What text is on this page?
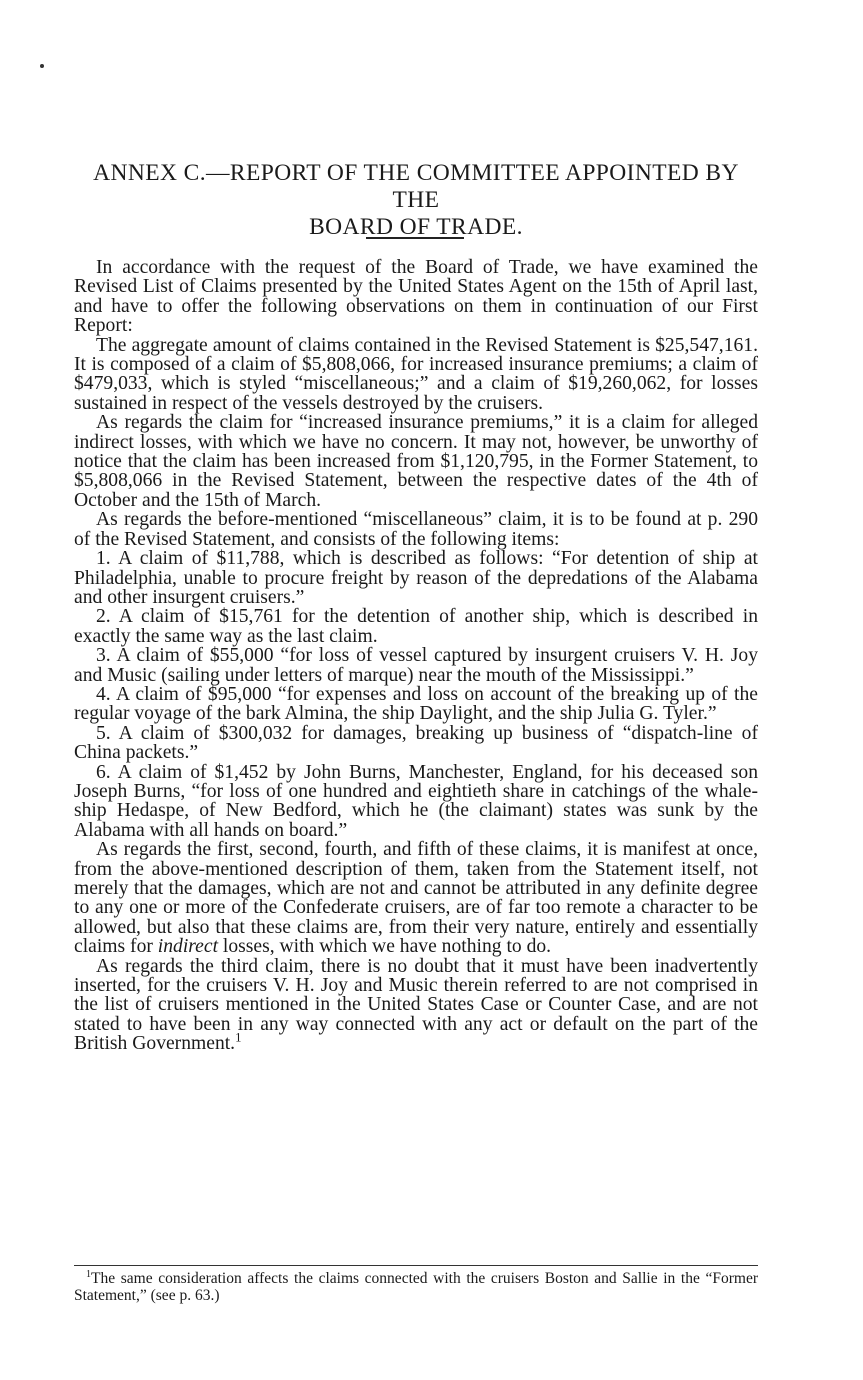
ANNEX C.—REPORT OF THE COMMITTEE APPOINTED BY THE
BOARD OF TRADE.

In accordance with the request of the Board of Trade, we have examined the Revised List of Claims presented by the United States Agent on the 15th of April last, and have to offer the following observations on them in continuation of our First Report:

The aggregate amount of claims contained in the Revised Statement is $25,547,161. It is composed of a claim of $5,808,066, for increased insurance premiums; a claim of $479,033, which is styled “miscellaneous;” and a claim of $19,260,062, for losses sustained in respect of the vessels destroyed by the cruisers.

As regards the claim for “increased insurance premiums,” it is a claim for alleged indirect losses, with which we have no concern. It may not, however, be unworthy of notice that the claim has been increased from $1,120,795, in the Former Statement, to $5,808,066 in the Revised Statement, between the respective dates of the 4th of October and the 15th of March.

As regards the before-mentioned “miscellaneous” claim, it is to be found at p. 290 of the Revised Statement, and consists of the following items:

1. A claim of $11,788, which is described as follows: “For detention of ship at Philadelphia, unable to procure freight by reason of the depredations of the Alabama and other insurgent cruisers.”

2. A claim of $15,761 for the detention of another ship, which is described in exactly the same way as the last claim.

3. A claim of $55,000 “for loss of vessel captured by insurgent cruisers V. H. Joy and Music (sailing under letters of marque) near the mouth of the Mississippi.”

4. A claim of $95,000 “for expenses and loss on account of the breaking up of the regular voyage of the bark Almina, the ship Daylight, and the ship Julia G. Tyler.”

5. A claim of $300,032 for damages, breaking up business of “dispatch-line of China packets.”

6. A claim of $1,452 by John Burns, Manchester, England, for his deceased son Joseph Burns, “for loss of one hundred and eightieth share in catchings of the whale-ship Hedaspe, of New Bedford, which he (the claimant) states was sunk by the Alabama with all hands on board.”

As regards the first, second, fourth, and fifth of these claims, it is manifest at once, from the above-mentioned description of them, taken from the Statement itself, not merely that the damages, which are not and cannot be attributed in any definite degree to any one or more of the Confederate cruisers, are of far too remote a character to be allowed, but also that these claims are, from their very nature, entirely and essentially claims for indirect losses, with which we have nothing to do.

As regards the third claim, there is no doubt that it must have been inadvertently inserted, for the cruisers V. H. Joy and Music therein referred to are not comprised in the list of cruisers mentioned in the United States Case or Counter Case, and are not stated to have been in any way connected with any act or default on the part of the British Government.$^1$

$^1$The same consideration affects the claims connected with the cruisers Boston and Sallie in the “Former Statement,” (see p. 63.)
